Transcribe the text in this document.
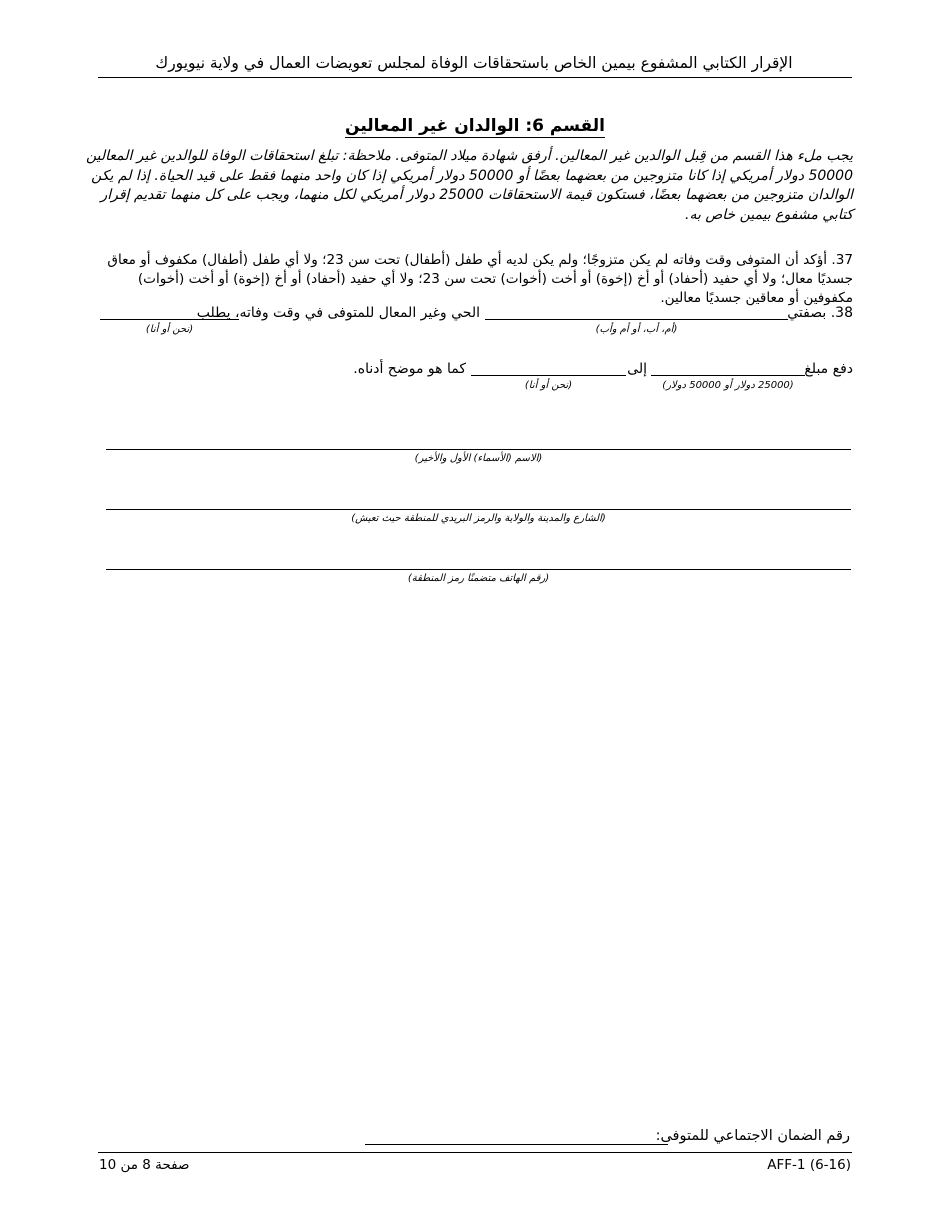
الإقرار الكتابي المشفوع بيمين الخاص باستحقاقات الوفاة لمجلس تعويضات العمال في ولاية نيويورك
القسم 6: الوالدان غير المعالين
يجب ملء هذا القسم من قِبل الوالدين غير المعالين. أرفق شهادة ميلاد المتوفى. ملاحظة: تبلغ استحقاقات الوفاة للوالدين غير المعالين 50000 دولار أمريكي إذا كانا متزوجين من بعضهما بعضًا أو 50000 دولار أمريكي إذا كان واحد منهما فقط على قيد الحياة. إذا لم يكن الوالدان متزوجين من بعضهما بعضًا، فستكون قيمة الاستحقاقات 25000 دولار أمريكي لكل منهما، ويجب على كل منهما تقديم إقرار كتابي مشفوع بيمين خاص به.
37. أؤكد أن المتوفى وقت وفاته لم يكن متزوجًا؛ ولم يكن لديه أي طفل (أطفال) تحت سن 23؛ ولا أي طفل (أطفال) مكفوف أو معاق جسديًا معال؛ ولا أي حفيد (أحفاد) أو أخ (إخوة) أو أخت (أخوات) تحت سن 23؛ ولا أي حفيد (أحفاد) أو أخ (إخوة) أو أخت (أخوات) مكفوفين أو معاقين جسديًا معالين.
38. بصفتي
(أم، أب، أو أم وأب)
الحي وغير المعال للمتوفى في وقت وفاته، يطلب
(نحن أو أنا)
دفع مبلغ
(25000 دولار أو 50000 دولار)
إلى
(نحن أو أنا)
كما هو موضح أدناه.
(الاسم (الأسماء) الأول والأخير)
(الشارع والمدينة والولاية والرمز البريدي للمنطقة حيث تعيش)
(رقم الهاتف متضمنًا رمز المنطقة)
رقم الضمان الاجتماعي للمتوفى:
صفحة 8 من 10	AFF-1 (6-16)
